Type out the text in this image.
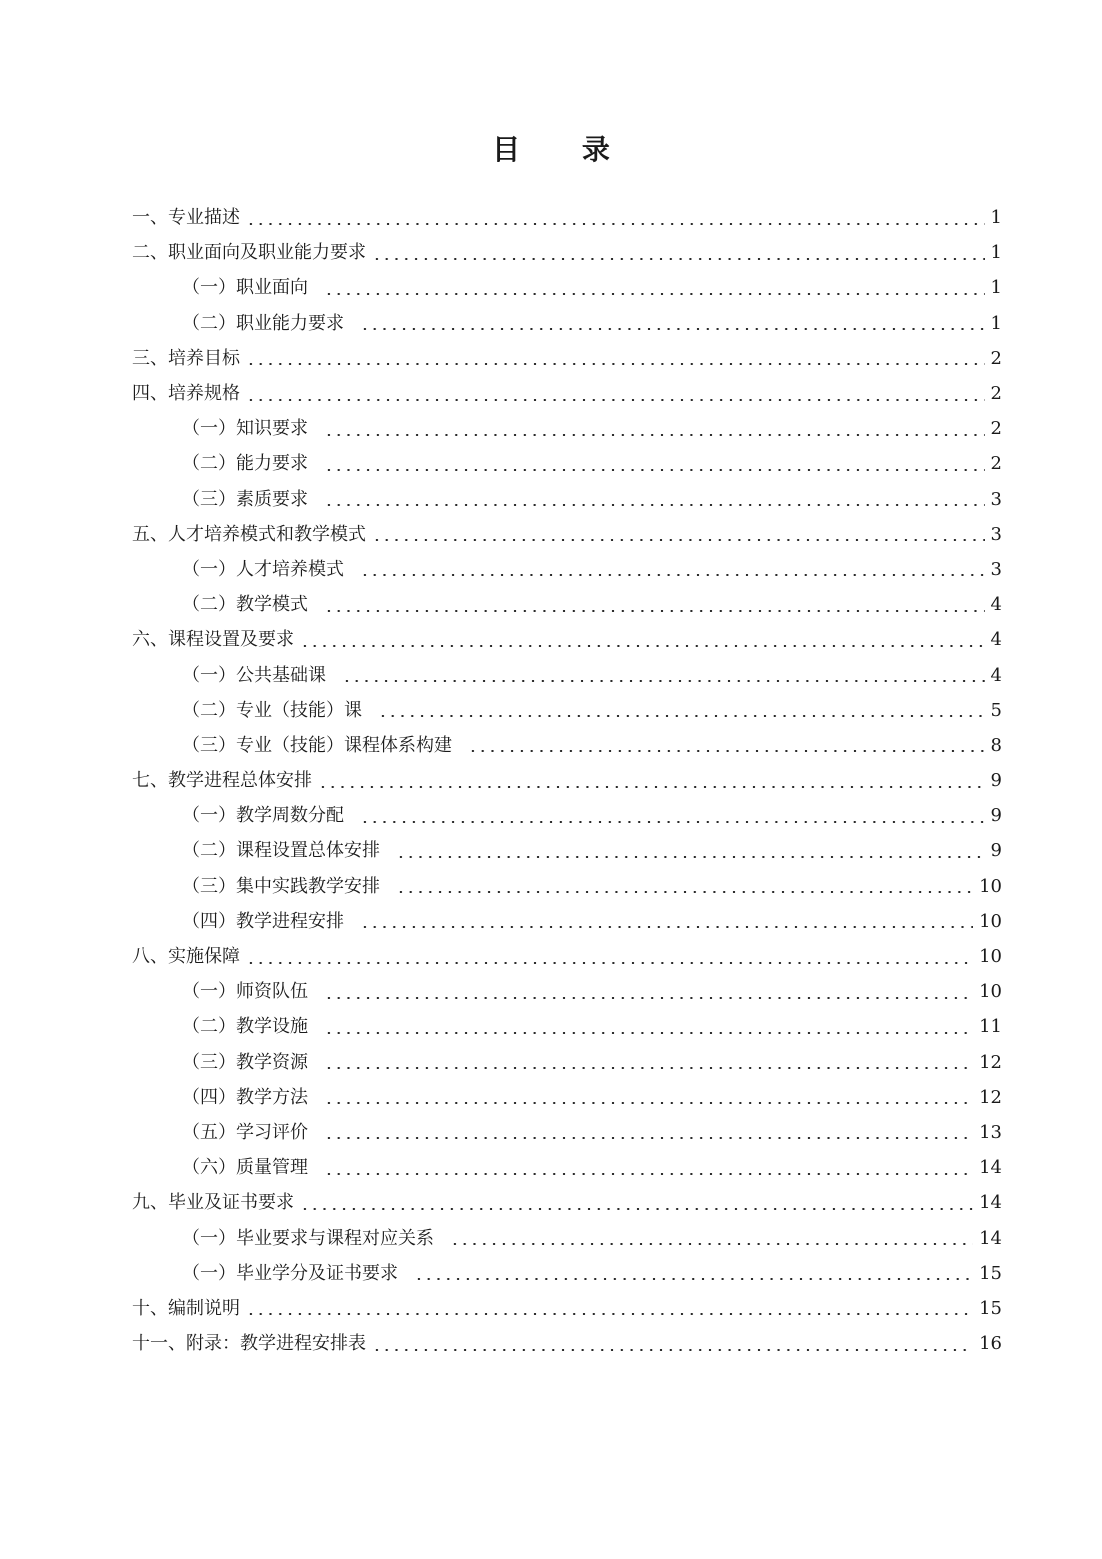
目 录
一、专业描述	1
二、职业面向及职业能力要求	1
（一）职业面向	1
（二）职业能力要求	1
三、培养目标	2
四、培养规格	2
（一）知识要求	2
（二）能力要求	2
（三）素质要求	3
五、人才培养模式和教学模式	3
（一）人才培养模式	3
（二）教学模式	4
六、课程设置及要求	4
（一）公共基础课	4
（二）专业（技能）课	5
（三）专业（技能）课程体系构建	8
七、教学进程总体安排	9
（一）教学周数分配	9
（二）课程设置总体安排	9
（三）集中实践教学安排	10
（四）教学进程安排	10
八、实施保障	10
（一）师资队伍	10
（二）教学设施	11
（三）教学资源	12
（四）教学方法	12
（五）学习评价	13
（六）质量管理	14
九、毕业及证书要求	14
（一）毕业要求与课程对应关系	14
（一）毕业学分及证书要求	15
十、编制说明	15
十一、附录：教学进程安排表	16
